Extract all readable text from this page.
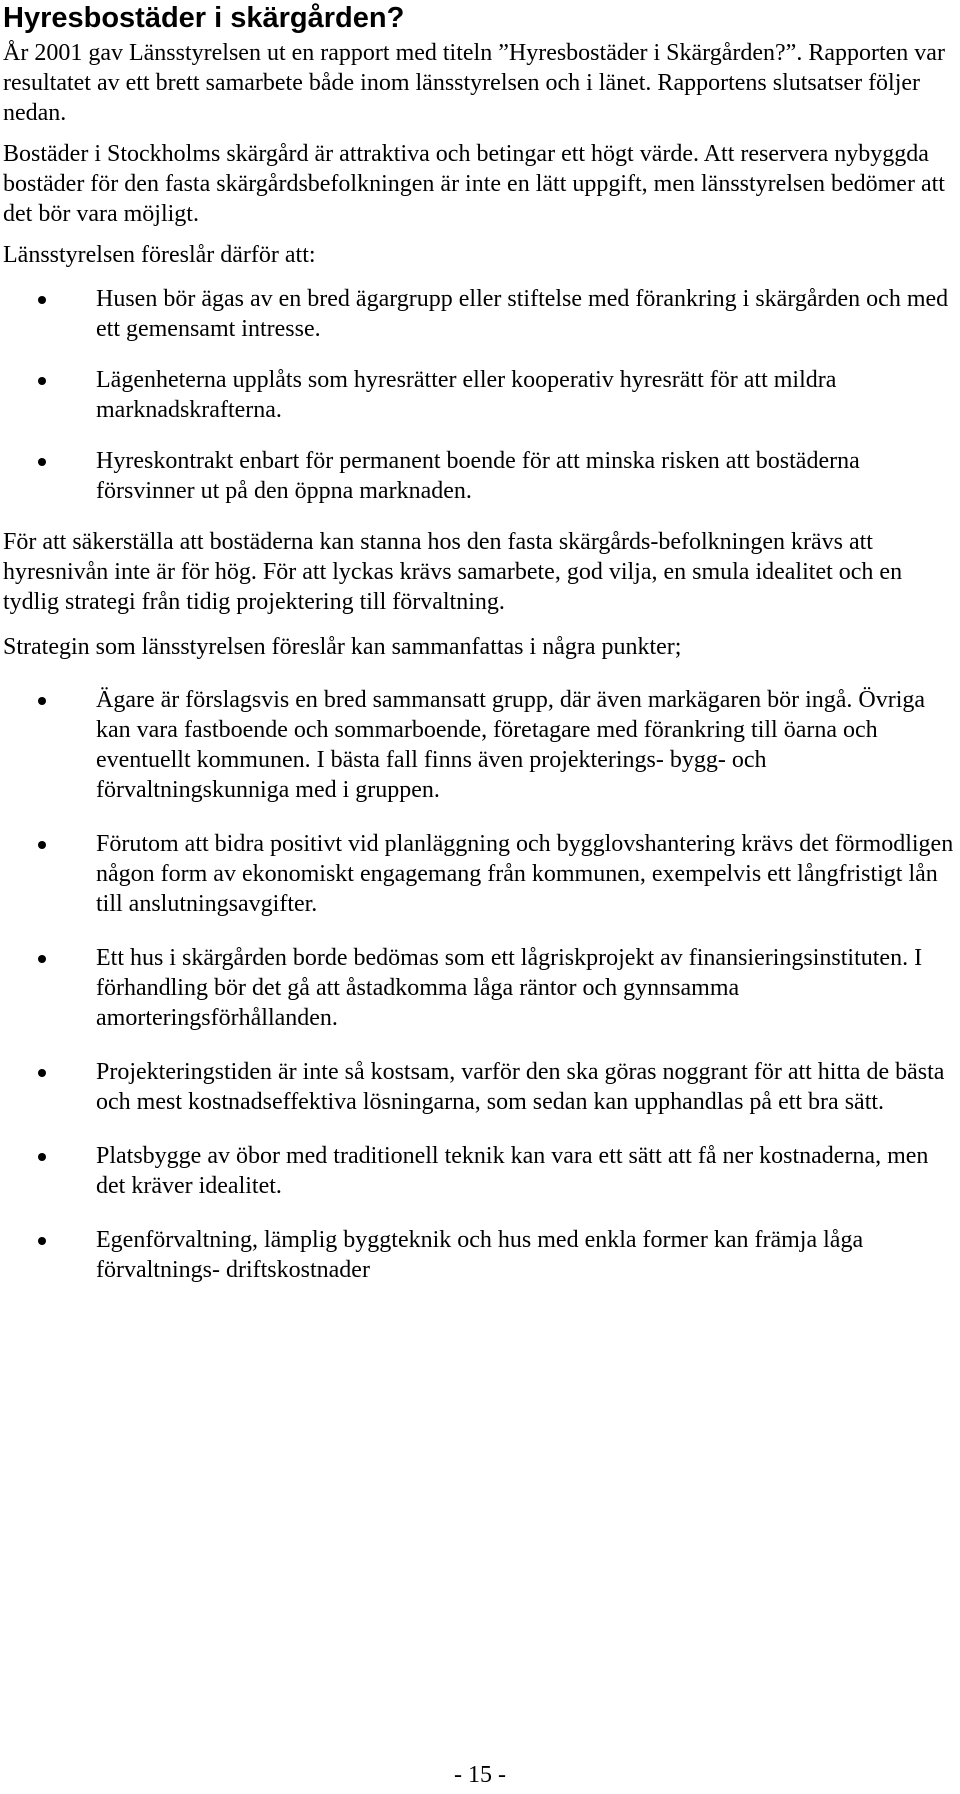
Hyresbostäder i skärgården?

År 2001 gav Länsstyrelsen ut en rapport med titeln ”Hyresbostäder i Skärgården?”. Rapporten var resultatet av ett brett samarbete både inom länsstyrelsen och i länet. Rapportens slutsatser följer nedan.

Bostäder i Stockholms skärgård är attraktiva och betingar ett högt värde. Att reservera nybyggda bostäder för den fasta skärgårdsbefolkningen är inte en lätt uppgift, men länsstyrelsen bedömer att det bör vara möjligt.

Länsstyrelsen föreslår därför att:

Husen bör ägas av en bred ägargrupp eller stiftelse med förankring i skärgården och med ett gemensamt intresse.
Lägenheterna upplåts som hyresrätter eller kooperativ hyresrätt för att mildra marknadskrafterna.
Hyreskontrakt enbart för permanent boende för att minska risken att bostäderna försvinner ut på den öppna marknaden.

För att säkerställa att bostäderna kan stanna hos den fasta skärgårds-befolkningen krävs att hyresnivån inte är för hög. För att lyckas krävs samarbete, god vilja, en smula idealitet och en tydlig strategi från tidig projektering till förvaltning.

Strategin som länsstyrelsen föreslår kan sammanfattas i några punkter;

Ägare är förslagsvis en bred sammansatt grupp, där även markägaren bör ingå. Övriga kan vara fastboende och sommarboende, företagare med förankring till öarna och eventuellt kommunen. I bästa fall finns även projekterings- bygg- och förvaltningskunniga med i gruppen.
Förutom att bidra positivt vid planläggning och bygglovshantering krävs det förmodligen någon form av ekonomiskt engagemang från kommunen, exempelvis ett långfristigt lån till anslutningsavgifter.
Ett hus i skärgården borde bedömas som ett lågriskprojekt av finansieringsinstituten. I förhandling bör det gå att åstadkomma låga räntor och gynnsamma amorteringsförhållanden.
Projekteringstiden är inte så kostsam, varför den ska göras noggrant för att hitta de bästa och mest kostnadseffektiva lösningarna, som sedan kan upphandlas på ett bra sätt.
Platsbygge av öbor med traditionell teknik kan vara ett sätt att få ner kostnaderna, men det kräver idealitet.
Egenförvaltning, lämplig byggteknik och hus med enkla former kan främja låga förvaltnings- driftskostnader
- 15 -
